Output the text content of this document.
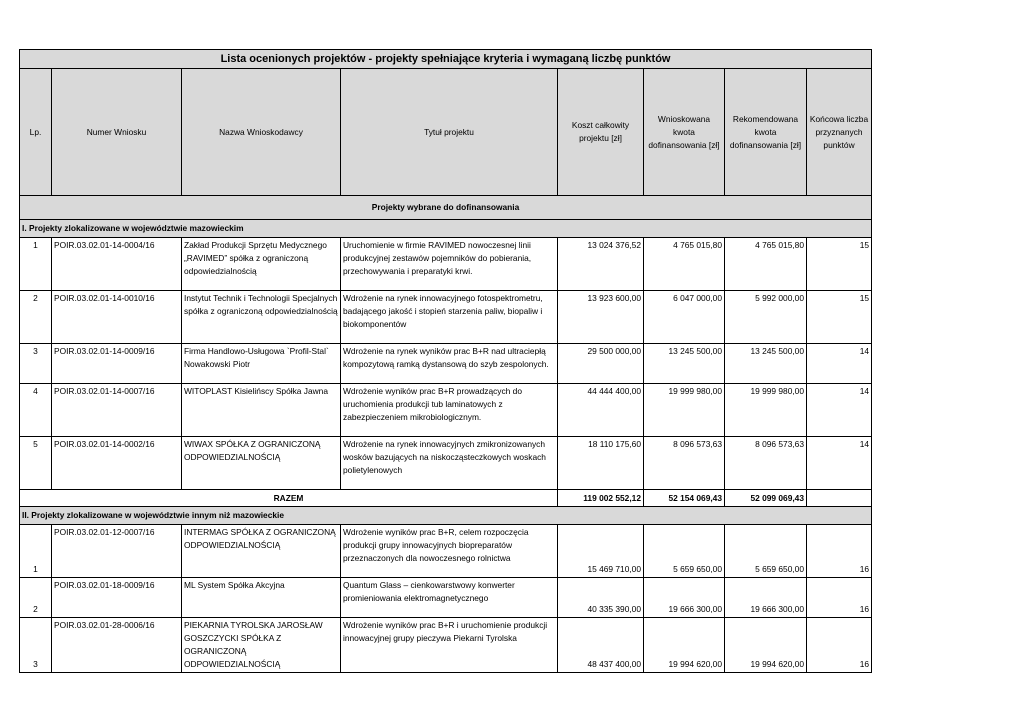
Lista ocenionych projektów - projekty spełniające kryteria i wymaganą liczbę punktów							
Lp.	Numer Wniosku	Nazwa Wnioskodawcy	Tytuł projektu	Koszt całkowity projektu [zł]	Wnioskowana kwota dofinansowania [zł]	Rekomendowana kwota dofinansowania [zł]	Końcowa liczba przyznanych punktów
Projekty wybrane do dofinansowania							
I. Projekty zlokalizowane w województwie mazowieckim							
1	POIR.03.02.01-14-0004/16	Zakład Produkcji Sprzętu Medycznego „RAVIMED” spółka z ograniczoną odpowiedzialnością	Uruchomienie w firmie RAVIMED nowoczesnej linii produkcyjnej zestawów pojemników do pobierania, przechowywania i preparatyki krwi.	13 024 376,52	4 765 015,80	4 765 015,80	15
2	POIR.03.02.01-14-0010/16	Instytut Technik i Technologii Specjalnych spółka z ograniczoną odpowiedzialnością	Wdrożenie na rynek innowacyjnego fotospektrometru, badającego jakość i stopień starzenia paliw, biopaliw i biokomponentów	13 923 600,00	6 047 000,00	5 992 000,00	15
3	POIR.03.02.01-14-0009/16	Firma Handlowo-Usługowa `Profil-Stal` Nowakowski Piotr	Wdrożenie na rynek wyników prac B+R nad ultraciepłą kompozytową ramką dystansową do szyb zespolonych.	29 500 000,00	13 245 500,00	13 245 500,00	14
4	POIR.03.02.01-14-0007/16	WITOPLAST Kisielińscy Spółka Jawna	Wdrożenie wyników prac B+R prowadzących do uruchomienia produkcji tub laminatowych z zabezpieczeniem mikrobiologicznym.	44 444 400,00	19 999 980,00	19 999 980,00	14
5	POIR.03.02.01-14-0002/16	WIWAX SPÓŁKA Z OGRANICZONĄ ODPOWIEDZIALNOŚCIĄ	Wdrożenie na rynek innowacyjnych zmikronizowanych wosków bazujących na niskocząsteczkowych woskach polietylenowych	18 110 175,60	8 096 573,63	8 096 573,63	14
RAZEM				119 002 552,12	52 154 069,43	52 099 069,43	
II. Projekty zlokalizowane w województwie innym niż mazowieckie							
1	POIR.03.02.01-12-0007/16	INTERMAG SPÓŁKA Z OGRANICZONĄ ODPOWIEDZIALNOŚCIĄ	Wdrożenie wyników prac B+R, celem rozpoczęcia produkcji grupy innowacyjnych biopreparatów przeznaczonych dla nowoczesnego rolnictwa	15 469 710,00	5 659 650,00	5 659 650,00	16
2	POIR.03.02.01-18-0009/16	ML System Spółka Akcyjna	Quantum Glass – cienkowarstwowy konwerter promieniowania elektromagnetycznego	40 335 390,00	19 666 300,00	19 666 300,00	16
3	POIR.03.02.01-28-0006/16	PIEKARNIA TYROLSKA JAROSŁAW GOSZCZYCKI SPÓŁKA Z OGRANICZONĄ ODPOWIEDZIALNOŚCIĄ	Wdrożenie wyników prac B+R i uruchomienie produkcji innowacyjnej grupy pieczywa Piekarni Tyrolska	48 437 400,00	19 994 620,00	19 994 620,00	16
